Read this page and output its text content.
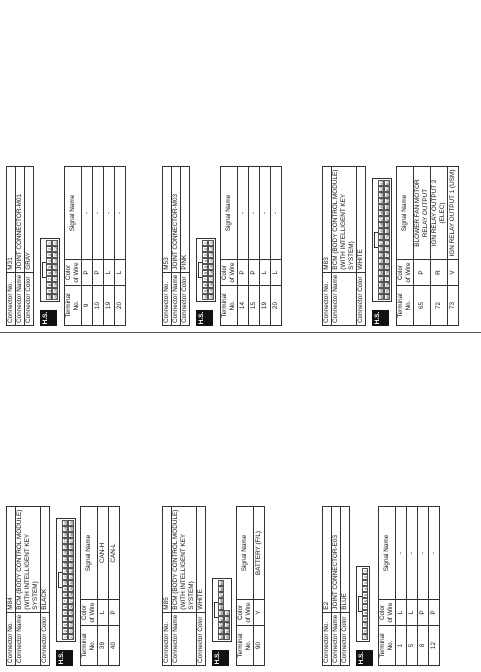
Connector No.	M31
Connector Name	JOINT CONNECTOR-M01
Connector Color	GRAY
H.S.
10
9
8
7
6
5
4
3
2
1
20
19
18
17
16
15
14
13
12
11
Terminal No.	Color of Wire	Signal Name
9	P	-
10	P	-
19	L	-
20	L	-
Connector No.	M53
Connector Name	JOINT CONNECTOR-M03
Connector Color	PINK
H.S.
10
9
8
7
6
5
4
3
2
1
20
19
18
17
16
15
14
13
12
11
Terminal No.	Color of Wire	Signal Name
14	P	-
15	P	-
19	L	-
20	L	-
Connector No.	M83
Connector Name	BCM (BODY CONTROL MODULE) (WITH INTELLIGENT KEY SYSTEM)
Connector Color	WHITE
H.S.
60
59
58
57
56
55
54
53
52
51
50
49
48
47
46
45
44
43
42
41
80
79
78
77
76
75
74
73
72
71
70
69
68
67
66
65
64
63
62
61
Terminal No.	Color of Wire	Signal Name
65	P	BLOWER FAN MOTOR RELAY OUTPUT
72	R	IGN RELAY OUTPUT 2 (ELEC)
73	V	IGN RELAY OUTPUT 1 (USM)
Connector No.	M84
Connector Name	BCM (BODY CONTROL MODULE) (WITH INTELLIGENT KEY SYSTEM)
Connector Color	BLACK
H.S.
1
2
3
4
5
6
7
8
9
10
11
12
13
14
15
16
17
18
19
20
21
22
23
24
25
26
27
28
29
30
31
32
33
34
35
36
37
38
39
40
Terminal No.	Color of Wire	Signal Name
39	L	CAN-H
40	P	CAN-L
Connector No.	M85
Connector Name	BCM (BODY CONTROL MODULE) (WITH INTELLIGENT KEY SYSTEM)
Connector Color	WHITE
H.S.
84
83
82
81
90
89
88
87
86
85
95
94
93
92
91
Terminal No.	Color of Wire	Signal Name
90	Y	BATTERY (F/L)
Connector No.	E2
Connector Name	JOINT CONNECTOR-E03
Connector Color	BLUE
H.S.
12
11
10
9
8
7
6
5
4
3
2
1
Terminal No.	Color of Wire	Signal Name
1	L	-
5	L	-
8	P	-
12	P	-
